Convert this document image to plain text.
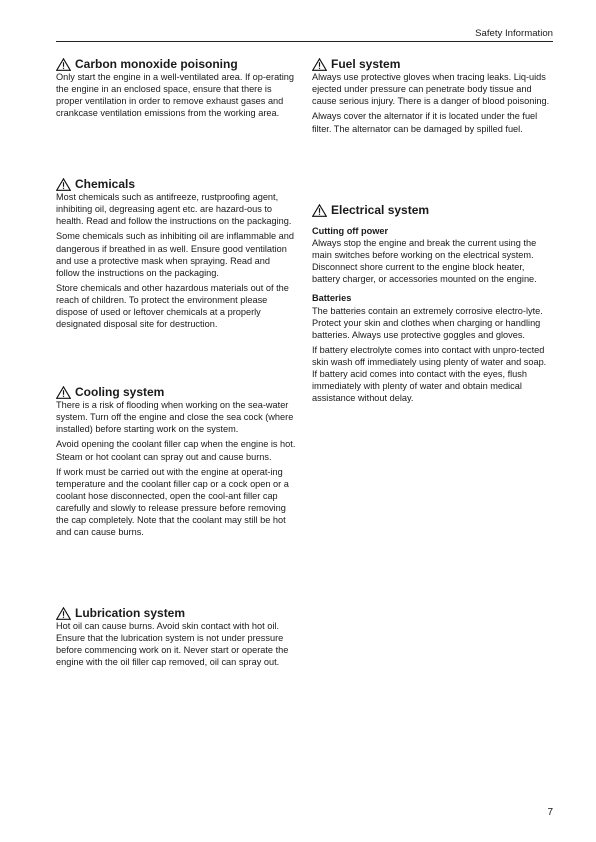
Safety Information
Carbon monoxide poisoning

Only start the engine in a well-ventilated area. If op-erating the engine in an enclosed space, ensure that there is proper ventilation in order to remove exhaust gases and crankcase ventilation emissions from the working area.

Chemicals

Most chemicals such as antifreeze, rustproofing agent, inhibiting oil, degreasing agent etc. are hazard-ous to health. Read and follow the instructions on the packaging.

Some chemicals such as inhibiting oil are inflammable and dangerous if breathed in as well. Ensure good ventilation and use a protective mask when spraying. Read and follow the instructions on the packaging.

Store chemicals and other hazardous materials out of the reach of children. To protect the environment please dispose of used or leftover chemicals at a properly designated disposal site for destruction.

Cooling system

There is a risk of flooding when working on the sea-water system. Turn off the engine and close the sea cock (where installed) before starting work on the system.

Avoid opening the coolant filler cap when the engine is hot. Steam or hot coolant can spray out and cause burns.

If work must be carried out with the engine at operat-ing temperature and the coolant filler cap or a cock open or a coolant hose disconnected, open the cool-ant filler cap carefully and slowly to release pressure before removing the cap completely. Note that the coolant may still be hot and can cause burns.

Lubrication system

Hot oil can cause burns. Avoid skin contact with hot oil. Ensure that the lubrication system is not under pressure before commencing work on it. Never start or operate the engine with the oil filler cap removed, oil can spray out.

Fuel system

Always use protective gloves when tracing leaks. Liq-uids ejected under pressure can penetrate body tissue and cause serious injury. There is a danger of blood poisoning.

Always cover the alternator if it is located under the fuel filter. The alternator can be damaged by spilled fuel.

Electrical system
Cutting off power

Always stop the engine and break the current using the main switches before working on the electrical system. Disconnect shore current to the engine block heater, battery charger, or accessories mounted on the engine.

Batteries

The batteries contain an extremely corrosive electro-lyte. Protect your skin and clothes when charging or handling batteries. Always use protective goggles and gloves.

If battery electrolyte comes into contact with unpro-tected skin wash off immediately using plenty of water and soap. If battery acid comes into contact with the eyes, flush immediately with plenty of water and obtain medical assistance without delay.

7
